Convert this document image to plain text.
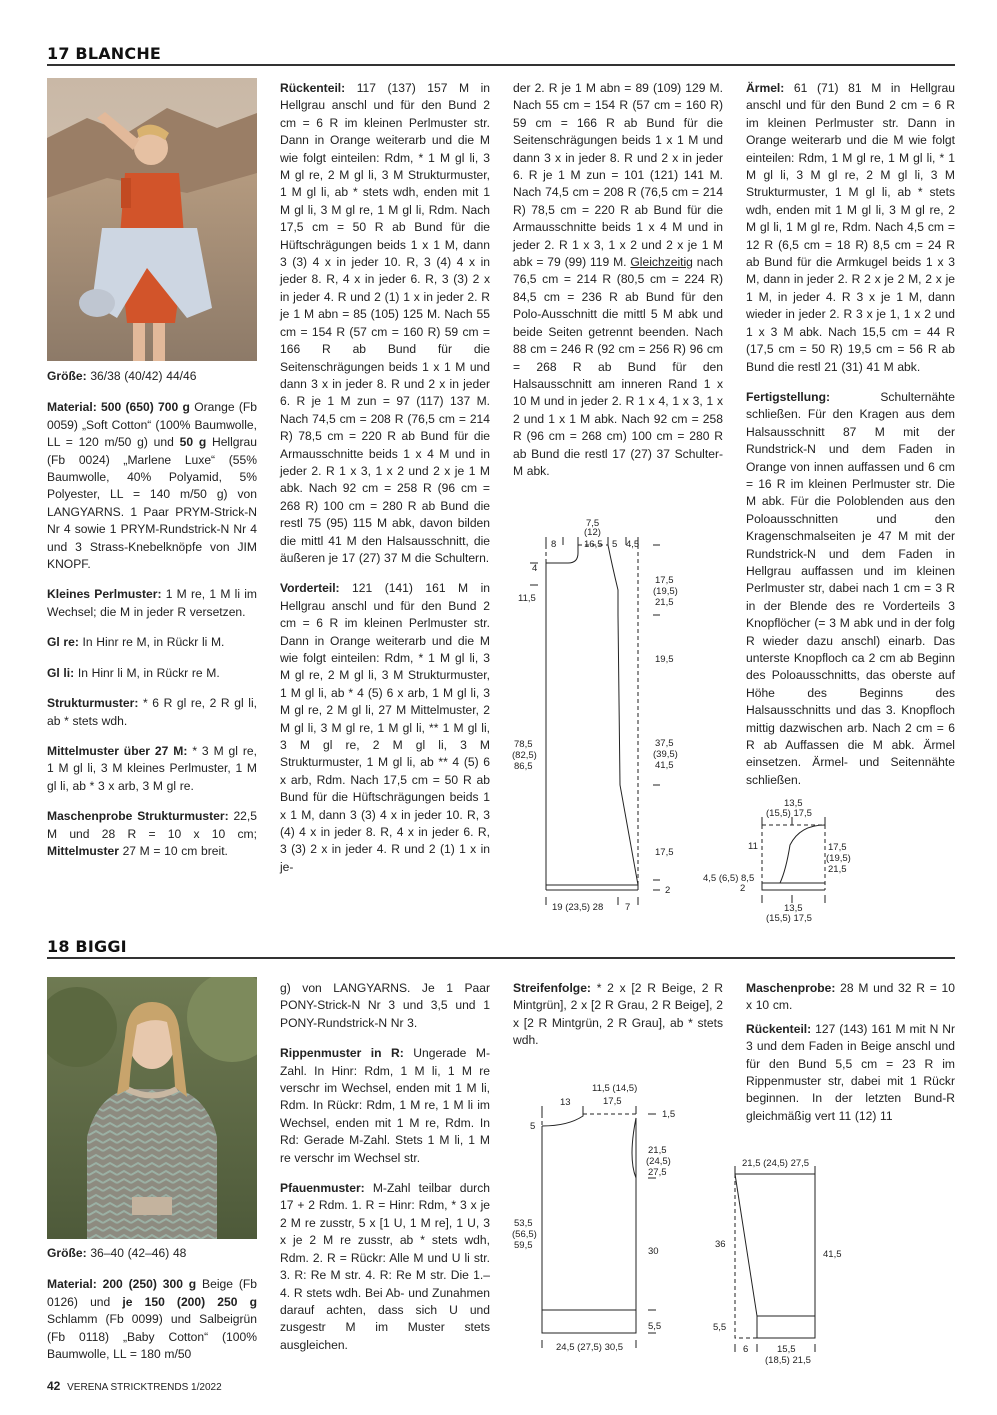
17 BLANCHE

Größe: 36/38 (40/42) 44/46

Material: 500 (650) 700 g Orange (Fb 0059) „Soft Cotton“ (100% Baumwolle, LL = 120 m/50 g) und 50 g Hellgrau (Fb 0024) „Marlene Luxe“ (55% Baumwolle, 40% Polyamid, 5% Polyester, LL = 140 m/50 g) von LANGYARNS. 1 Paar PRYM-Strick-N Nr 4 sowie 1 PRYM-Rundstrick-N Nr 4 und 3 Strass-Knebelknöpfe von JIM KNOPF.

Kleines Perlmuster: 1 M re, 1 M li im Wechsel; die M in jeder R versetzen.

Gl re: In Hinr re M, in Rückr li M.

Gl li: In Hinr li M, in Rückr re M.

Strukturmuster: * 6 R gl re, 2 R gl li, ab * stets wdh.

Mittelmuster über 27 M: * 3 M gl re, 1 M gl li, 3 M kleines Perlmuster, 1 M gl li, ab * 3 x arb, 3 M gl re.

Maschenprobe Strukturmuster: 22,5 M und 28 R = 10 x 10 cm; Mittelmuster 27 M = 10 cm breit.

Rückenteil: 117 (137) 157 M in Hellgrau anschl und für den Bund 2 cm = 6 R im kleinen Perlmuster str. Dann in Orange weiterarb und die M wie folgt einteilen: Rdm, * 1 M gl li, 3 M gl re, 2 M gl li, 3 M Strukturmuster, 1 M gl li, ab * stets wdh, enden mit 1 M gl li, 3 M gl re, 1 M gl li, Rdm. Nach 17,5 cm = 50 R ab Bund für die Hüftschrägungen beids 1 x 1 M, dann 3 (3) 4 x in jeder 10. R, 3 (4) 4 x in jeder 8. R, 4 x in jeder 6. R, 3 (3) 2 x in jeder 4. R und 2 (1) 1 x in jeder 2. R je 1 M abn = 85 (105) 125 M. Nach 55 cm = 154 R (57 cm = 160 R) 59 cm = 166 R ab Bund für die Seitenschrägungen beids 1 x 1 M und dann 3 x in jeder 8. R und 2 x in jeder 6. R je 1 M zun = 97 (117) 137 M. Nach 74,5 cm = 208 R (76,5 cm = 214 R) 78,5 cm = 220 R ab Bund für die Armausschnitte beids 1 x 4 M und in jeder 2. R 1 x 3, 1 x 2 und 2 x je 1 M abk. Nach 92 cm = 258 R (96 cm = 268 R) 100 cm = 280 R ab Bund die restl 75 (95) 115 M abk, davon bilden die mittl 41 M den Halsausschnitt, die äußeren je 17 (27) 37 M die Schultern.

Vorderteil: 121 (141) 161 M in Hellgrau anschl und für den Bund 2 cm = 6 R im kleinen Perlmuster str. Dann in Orange weiterarb und die M wie folgt einteilen: Rdm, * 1 M gl li, 3 M gl re, 2 M gl li, 3 M Strukturmuster, 1 M gl li, ab * 4 (5) 6 x arb, 1 M gl li, 3 M gl re, 2 M gl li, 27 M Mittelmuster, 2 M gl li, 3 M gl re, 1 M gl li, ** 1 M gl li, 3 M gl re, 2 M gl li, 3 M Strukturmuster, 1 M gl li, ab ** 4 (5) 6 x arb, Rdm. Nach 17,5 cm = 50 R ab Bund für die Hüftschrägungen beids 1 x 1 M, dann 3 (3) 4 x in jeder 10. R, 3 (4) 4 x in jeder 8. R, 4 x in jeder 6. R, 3 (3) 2 x in jeder 4. R und 2 (1) 1 x in je-

der 2. R je 1 M abn = 89 (109) 129 M. Nach 55 cm = 154 R (57 cm = 160 R) 59 cm = 166 R ab Bund für die Seitenschrägungen beids 1 x 1 M und dann 3 x in jeder 8. R und 2 x in jeder 6. R je 1 M zun = 101 (121) 141 M. Nach 74,5 cm = 208 R (76,5 cm = 214 R) 78,5 cm = 220 R ab Bund für die Armausschnitte beids 1 x 4 M und in jeder 2. R 1 x 3, 1 x 2 und 2 x je 1 M abk = 79 (99) 119 M. Gleichzeitig nach 76,5 cm = 214 R (80,5 cm = 224 R) 84,5 cm = 236 R ab Bund für den Polo-Ausschnitt die mittl 5 M abk und beide Seiten getrennt beenden. Nach 88 cm = 246 R (92 cm = 256 R) 96 cm = 268 R ab Bund für den Halsausschnitt am inneren Rand 1 x 10 M und in jeder 2. R 1 x 4, 1 x 3, 1 x 2 und 1 x 1 M abk. Nach 92 cm = 258 R (96 cm = 268 cm) 100 cm = 280 R ab Bund die restl 17 (27) 37 Schulter-M abk.

Ärmel: 61 (71) 81 M in Hellgrau anschl und für den Bund 2 cm = 6 R im kleinen Perlmuster str. Dann in Orange weiterarb und die M wie folgt einteilen: Rdm, 1 M gl re, 1 M gl li, * 1 M gl li, 3 M gl re, 2 M gl li, 3 M Strukturmuster, 1 M gl li, ab * stets wdh, enden mit 1 M gl li, 3 M gl re, 2 M gl li, 1 M gl re, Rdm. Nach 4,5 cm = 12 R (6,5 cm = 18 R) 8,5 cm = 24 R ab Bund für die Armkugel beids 1 x 3 M, dann in jeder 2. R 2 x je 2 M, 2 x je 1 M, in jeder 4. R 3 x je 1 M, dann wieder in jeder 2. R 3 x je 1, 1 x 2 und 1 x 3 M abk. Nach 15,5 cm = 44 R (17,5 cm = 50 R) 19,5 cm = 56 R ab Bund die restl 21 (31) 41 M abk.

Fertigstellung: Schulternähte schließen. Für den Kragen aus dem Halsausschnitt 87 M mit der Rundstrick-N und dem Faden in Orange von innen auffassen und 6 cm = 16 R im kleinen Perlmuster str. Die M abk. Für die Poloblenden aus den Poloausschnitten und den Kragenschmalseiten je 47 M mit der Rundstrick-N und dem Faden in Hellgrau auffassen und im kleinen Perlmuster str, dabei nach 1 cm = 3 R in der Blende des re Vorderteils 3 Knopflöcher (= 3 M abk und in der folg R wieder dazu anschl) einarb. Das unterste Knopfloch ca 2 cm ab Beginn des Poloausschnitts, das oberste auf Höhe des Beginns des Halsausschnitts und das 3. Knopfloch mittig dazwischen arb. Nach 2 cm = 6 R ab Auffassen die M abk. Ärmel einsetzen. Ärmel- und Seitennähte schließen.

8
7,5
(12)
16,5 5 4,5
4
11,5
17,5
(19,5)
21,5
19,5
37,5
(39,5)
41,5
17,5
2
78,5
(82,5)
86,5
19 (23,5) 28 7
13,5
(15,5) 17,5
11	17,5
(19,5)
21,5
4,5 (6,5) 8,5
2
13,5
(15,5) 17,5
18 BIGGI

Größe: 36–40 (42–46) 48

Material: 200 (250) 300 g Beige (Fb 0126) und je 150 (200) 250 g Schlamm (Fb 0099) und Salbeigrün (Fb 0118) „Baby Cotton“ (100% Baumwolle, LL = 180 m/50

g) von LANGYARNS. Je 1 Paar PONY-Strick-N Nr 3 und 3,5 und 1 PONY-Rundstrick-N Nr 3.

Rippenmuster in R: Ungerade M-Zahl. In Hinr: Rdm, 1 M li, 1 M re verschr im Wechsel, enden mit 1 M li, Rdm. In Rückr: Rdm, 1 M re, 1 M li im Wechsel, enden mit 1 M re, Rdm. In Rd: Gerade M-Zahl. Stets 1 M li, 1 M re verschr im Wechsel str.

Pfauenmuster: M-Zahl teilbar durch 17 + 2 Rdm. 1. R = Hinr: Rdm, * 3 x je 2 M re zusstr, 5 x [1 U, 1 M re], 1 U, 3 x je 2 M re zusstr, ab * stets wdh, Rdm. 2. R = Rückr: Alle M und U li str. 3. R: Re M str. 4. R: Re M str. Die 1.–4. R stets wdh. Bei Ab- und Zunahmen darauf achten, dass sich U und zusgestr M im Muster stets ausgleichen.

Streifenfolge: * 2 x [2 R Beige, 2 R Mintgrün], 2 x [2 R Grau, 2 R Beige], 2 x [2 R Mintgrün, 2 R Grau], ab * stets wdh.

Maschenprobe: 28 M und 32 R = 10 x 10 cm.

Rückenteil: 127 (143) 161 M mit N Nr 3 und dem Faden in Beige anschl und für den Bund 5,5 cm = 23 R im Rippenmuster str, dabei mit 1 Rückr beginnen. In der letzten Bund-R gleichmäßig vert 11 (12) 11

11,5 (14,5)
17,5
13
1,5
5
21,5
(24,5)
27,5
53,5
(56,5)
59,5
30
5,5
24,5 (27,5) 30,5
21,5 (24,5) 27,5
36
41,5
5,5
6	15,5
(18,5) 21,5
42 VERENA STRICKTRENDS 1/2022
